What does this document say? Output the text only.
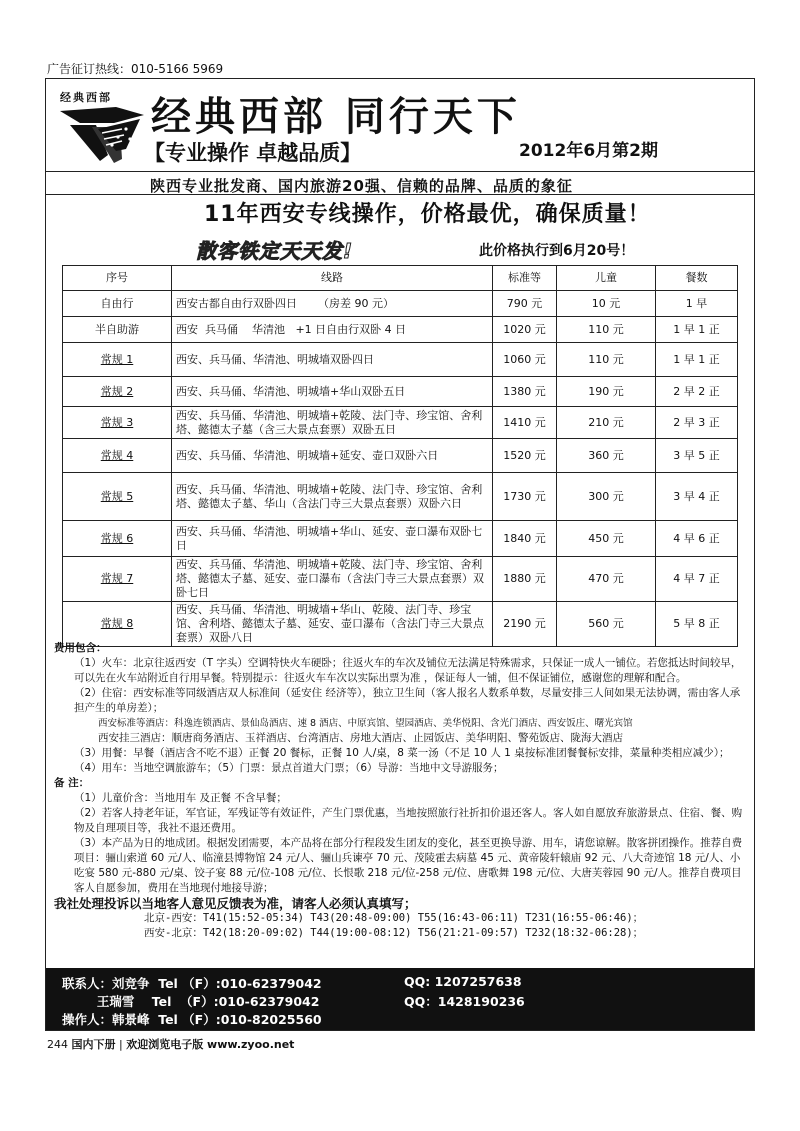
广告征订热线：010-5166 5969
经典西部 经典西部 同行天下
【专业操作 卓越品质】	2012年6月第2期
陕西专业批发商、国内旅游20强、信赖的品牌、品质的象征
11年西安专线操作，价格最优，确保质量！
散客铁定天天发!	此价格执行到6月20号！
序号	线路	标准等	儿童	餐数
自由行	西安古都自由行双卧四日      （房差 90 元）	790 元	10 元	1 早
半自助游	西安  兵马俑    华清池   +1 日自由行双卧 4 日	1020 元	110 元	1 早 1 正
常规 1	西安、兵马俑、华清池、明城墙双卧四日	1060 元	110 元	1 早 1 正
常规 2	西安、兵马俑、华清池、明城墙+华山双卧五日	1380 元	190 元	2 早 2 正
常规 3	西安、兵马俑、华清池、明城墙+乾陵、法门寺、珍宝馆、舍利塔、懿德太子墓（含三大景点套票）双卧五日	1410 元	210 元	2 早 3 正
常规 4	西安、兵马俑、华清池、明城墙+延安、壶口双卧六日	1520 元	360 元	3 早 5 正
常规 5	西安、兵马俑、华清池、明城墙+乾陵、法门寺、珍宝馆、舍利塔、懿德太子墓、华山（含法门寺三大景点套票）双卧六日	1730 元	300 元	3 早 4 正
常规 6	西安、兵马俑、华清池、明城墙+华山、延安、壶口瀑布双卧七日	1840 元	450 元	4 早 6 正
常规 7	西安、兵马俑、华清池、明城墙+乾陵、法门寺、珍宝馆、舍利塔、懿德太子墓、延安、壶口瀑布（含法门寺三大景点套票）双卧七日	1880 元	470 元	4 早 7 正
常规 8	西安、兵马俑、华清池、明城墙+华山、乾陵、法门寺、珍宝馆、舍利塔、懿德太子墓、延安、壶口瀑布（含法门寺三大景点套票）双卧八日	2190 元	560 元	5 早 8 正

费用包含：

（1）火车：北京往返西安（T 字头）空调特快火车硬卧；往返火车的车次及铺位无法满足特殊需求，只保证一成人一铺位。若您抵达时间较早，可以先在火车站附近自行用早餐。特别提示：往返火车车次以实际出票为准 ，保证每人一铺，但不保证铺位，感谢您的理解和配合。

（2）住宿：西安标准等同级酒店双人标准间（延安住 经济等），独立卫生间（客人报名人数系单数，尽量安排三人间如果无法协调，需由客人承担产生的单房差）；

西安标准等酒店：科逸连锁酒店、景仙岛酒店、速 8 酒店、中原宾馆、望园酒店、美华悦阳、含光门酒店、西安饭庄、曙光宾馆

西安挂三酒店：顺唐商务酒店、玉祥酒店、台湾酒店、房地大酒店、止园饭店、美华明阳、警苑饭店、陇海大酒店

（3）用餐：早餐（酒店含不吃不退）正餐 20 餐标，正餐 10 人/桌，8 菜一汤（不足 10 人 1 桌按标准团餐餐标安排，菜量种类相应减少）；

（4）用车：当地空调旅游车；（5）门票：景点首道大门票；（6）导游：当地中文导游服务；

备 注：

（1）儿童价含：当地用车 及正餐 不含早餐；

（2）若客人持老年证，军官证，军残证等有效证件，产生门票优惠，当地按照旅行社折扣价退还客人。客人如自愿放弃旅游景点、住宿、餐、购物及自理项目等，我社不退还费用。

（3）本产品为日的地成团。根据发团需要，本产品将在部分行程段发生团友的变化，甚至更换导游、用车，请您谅解。散客拼团操作。推荐自费项目：骊山索道 60 元/人、临潼县博物馆 24 元/人、骊山兵谏亭 70 元、茂陵霍去病墓 45 元、黄帝陵轩辕庙 92 元、八大奇迹馆 18 元/人、小吃宴 580 元-880 元/桌、饺子宴 88 元/位-108 元/位、长恨歌 218 元/位-258 元/位、唐歌舞 198 元/位、大唐芙蓉园 90 元/人。推荐自费项目客人自愿参加，费用在当地现付地接导游；

我社处理投诉以当地客人意见反馈表为准，请客人必须认真填写；

北京-西安：T41(15:52-05:34) T43(20:48-09:00) T55(16:43-06:11) T231(16:55-06:46)；

西安-北京：T42(18:20-09:02) T44(19:00-08:12) T56(21:21-09:57) T232(18:32-06:28)；

联系人：刘竞争  Tel （F）:010-62379042	QQ: 1207257638
王瑞雪    Tel  （F）:010-62379042	QQ：1428190236
操作人：韩景峰  Tel （F）:010-82025560
244 国内下册 | 欢迎浏览电子版 www.zyoo.net
